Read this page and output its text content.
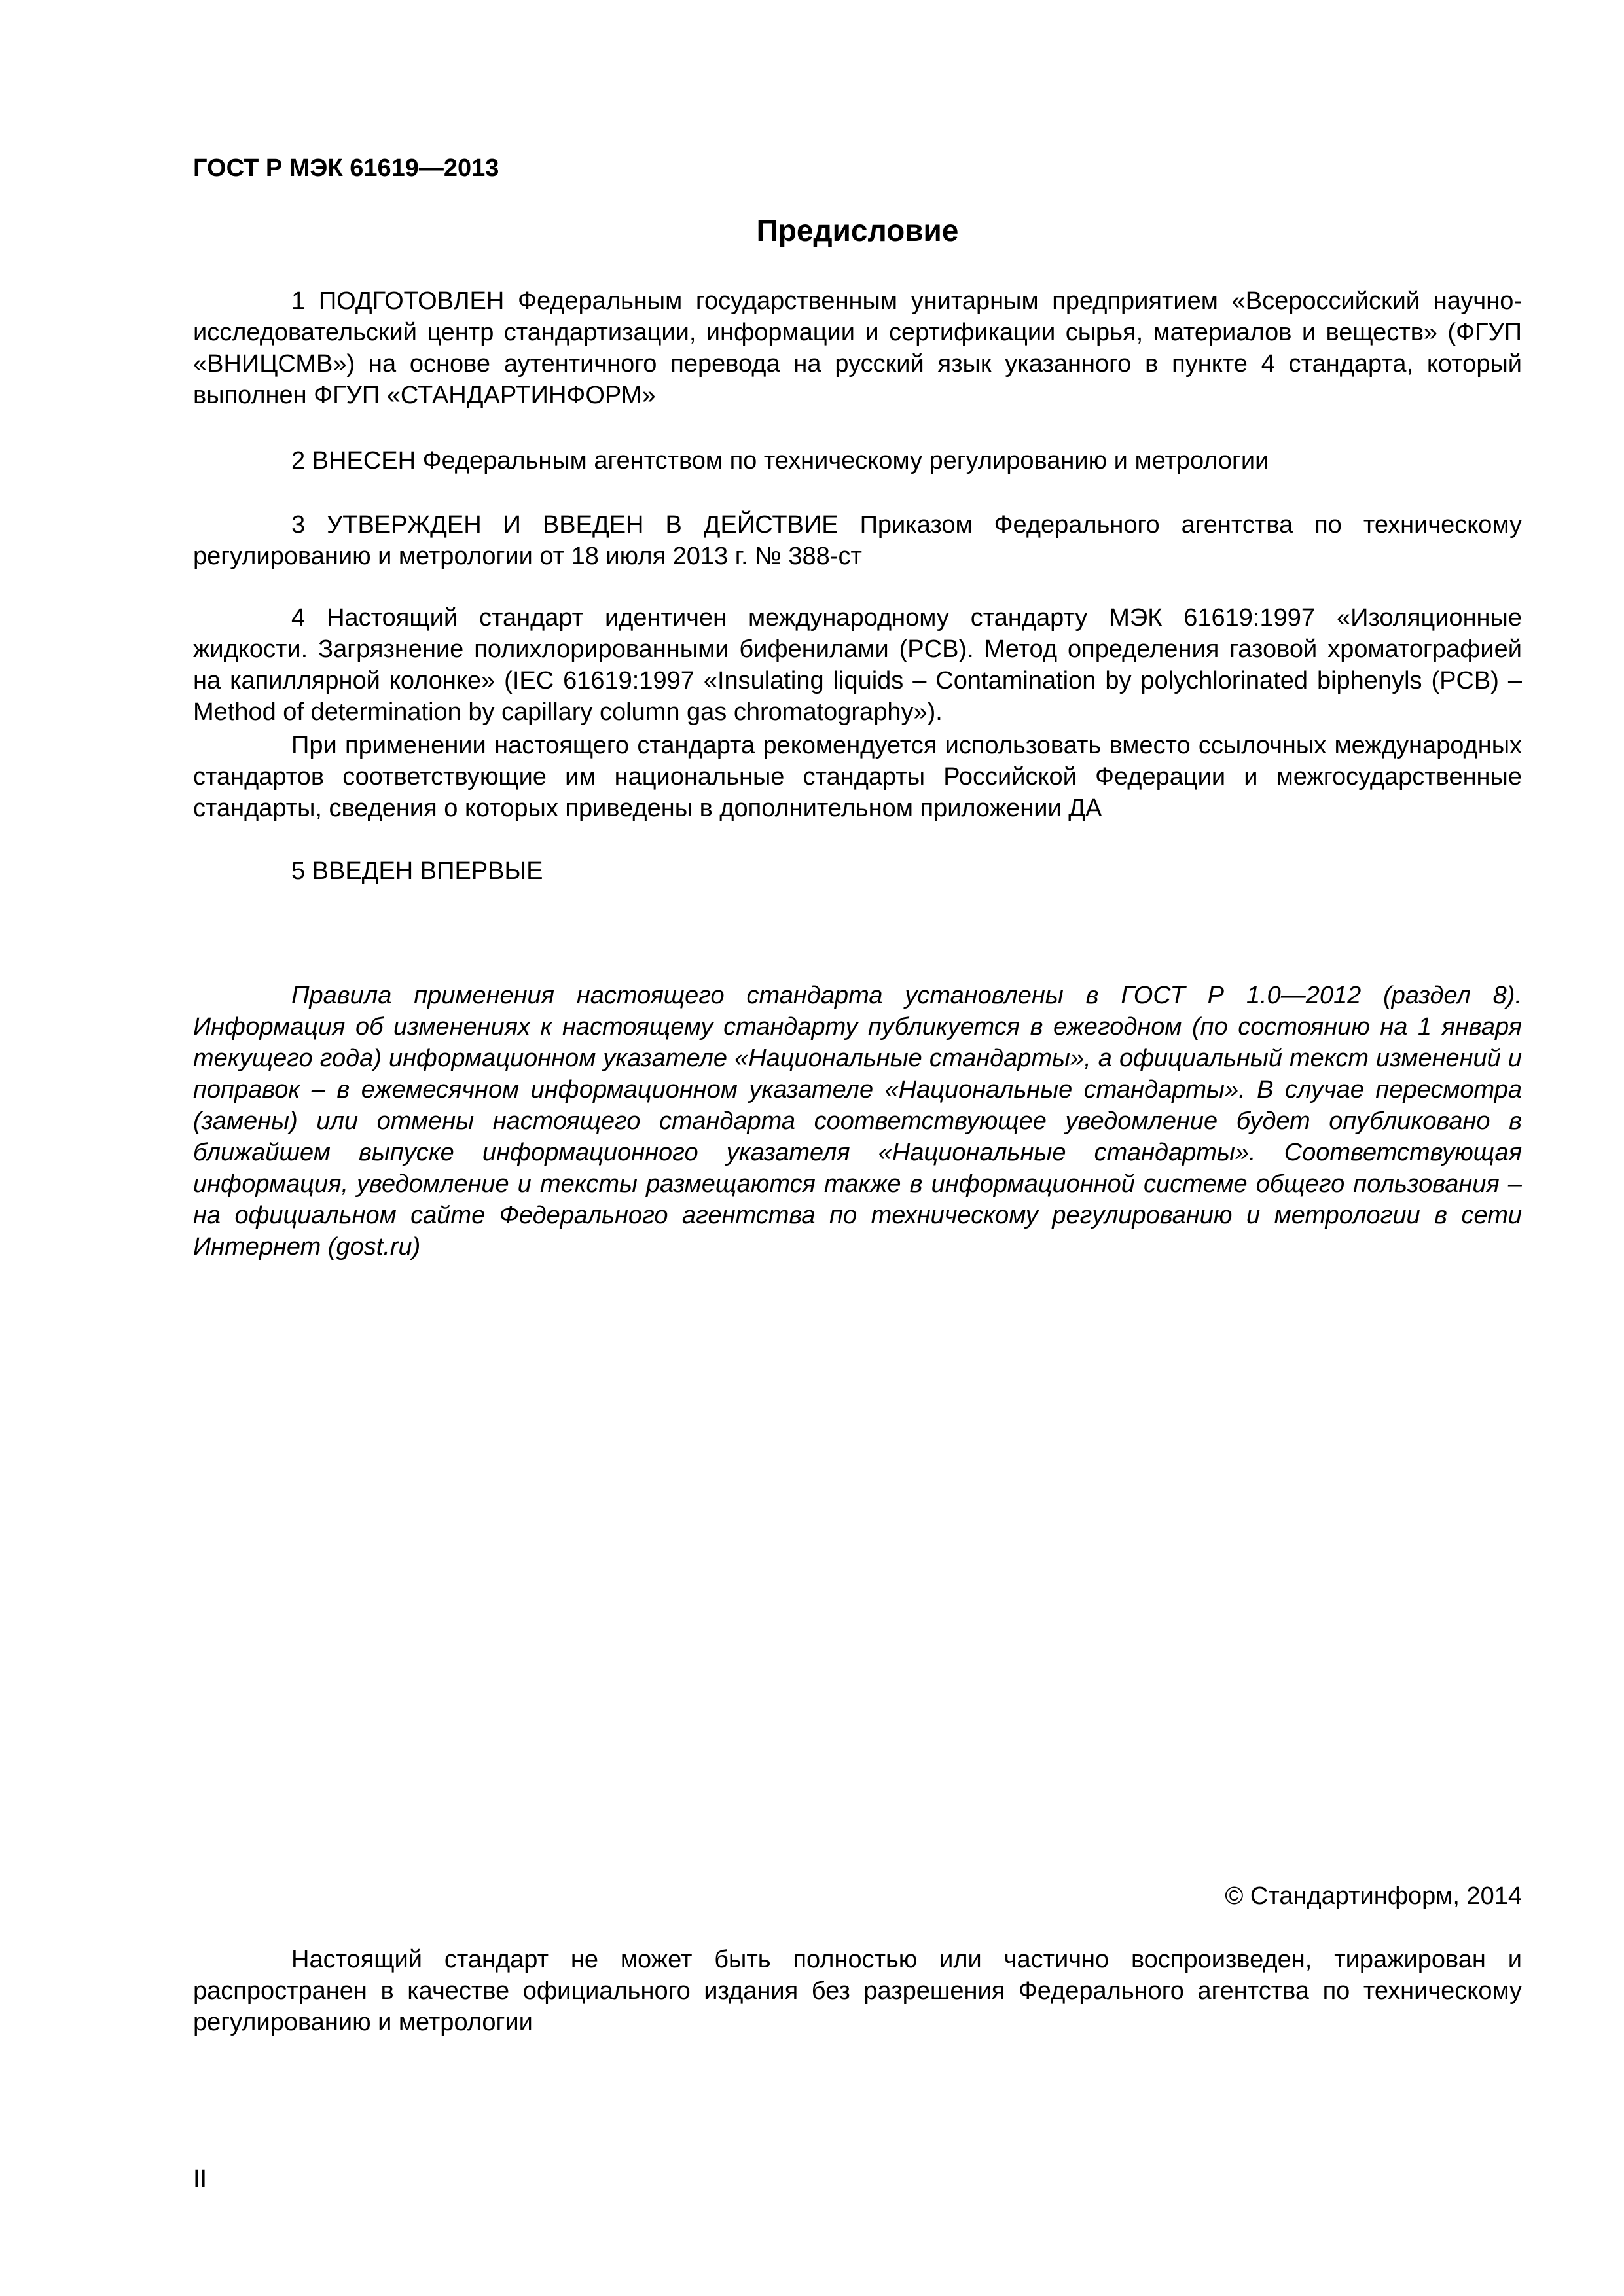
ГОСТ Р МЭК 61619—2013

Предисловие

1 ПОДГОТОВЛЕН Федеральным государственным унитарным предприятием «Всероссийский научно-исследовательский центр стандартизации, информации и сертификации сырья, материалов и веществ» (ФГУП «ВНИЦСМВ») на основе аутентичного перевода на русский язык указанного в пункте 4 стандарта, который выполнен ФГУП «СТАНДАРТИНФОРМ»

2 ВНЕСЕН Федеральным агентством по техническому регулированию и метрологии

3 УТВЕРЖДЕН И ВВЕДЕН В ДЕЙСТВИЕ Приказом Федерального агентства по техническому регулированию и метрологии от 18 июля 2013 г. № 388-ст

4 Настоящий стандарт идентичен международному стандарту МЭК 61619:1997 «Изоляционные жидкости. Загрязнение полихлорированными бифенилами (PCB). Метод определения газовой хроматографией на капиллярной колонке» (IEC 61619:1997 «Insulating liquids – Contamination by polychlorinated biphenyls (PCB) – Method of determination by capillary column gas chromatography»).

При применении настоящего стандарта рекомендуется использовать вместо ссылочных международных стандартов соответствующие им национальные стандарты Российской Федерации и межгосударственные стандарты, сведения о которых приведены в дополнительном приложении ДА

5 ВВЕДЕН ВПЕРВЫЕ

Правила применения настоящего стандарта установлены в ГОСТ Р 1.0—2012 (раздел 8). Информация об изменениях к настоящему стандарту публикуется в ежегодном (по состоянию на 1 января текущего года) информационном указателе «Национальные стандарты», а официальный текст изменений и поправок – в ежемесячном информационном указателе «Национальные стандарты». В случае пересмотра (замены) или отмены настоящего стандарта соответствующее уведомление будет опубликовано в ближайшем выпуске информационного указателя «Национальные стандарты». Соответствующая информация, уведомление и тексты размещаются также в информационной системе общего пользования – на официальном сайте Федерального агентства по техническому регулированию и метрологии в сети Интернет (gost.ru)

© Стандартинформ, 2014

Настоящий стандарт не может быть полностью или частично воспроизведен, тиражирован и распространен в качестве официального издания без разрешения Федерального агентства по техническому регулированию и метрологии

II
